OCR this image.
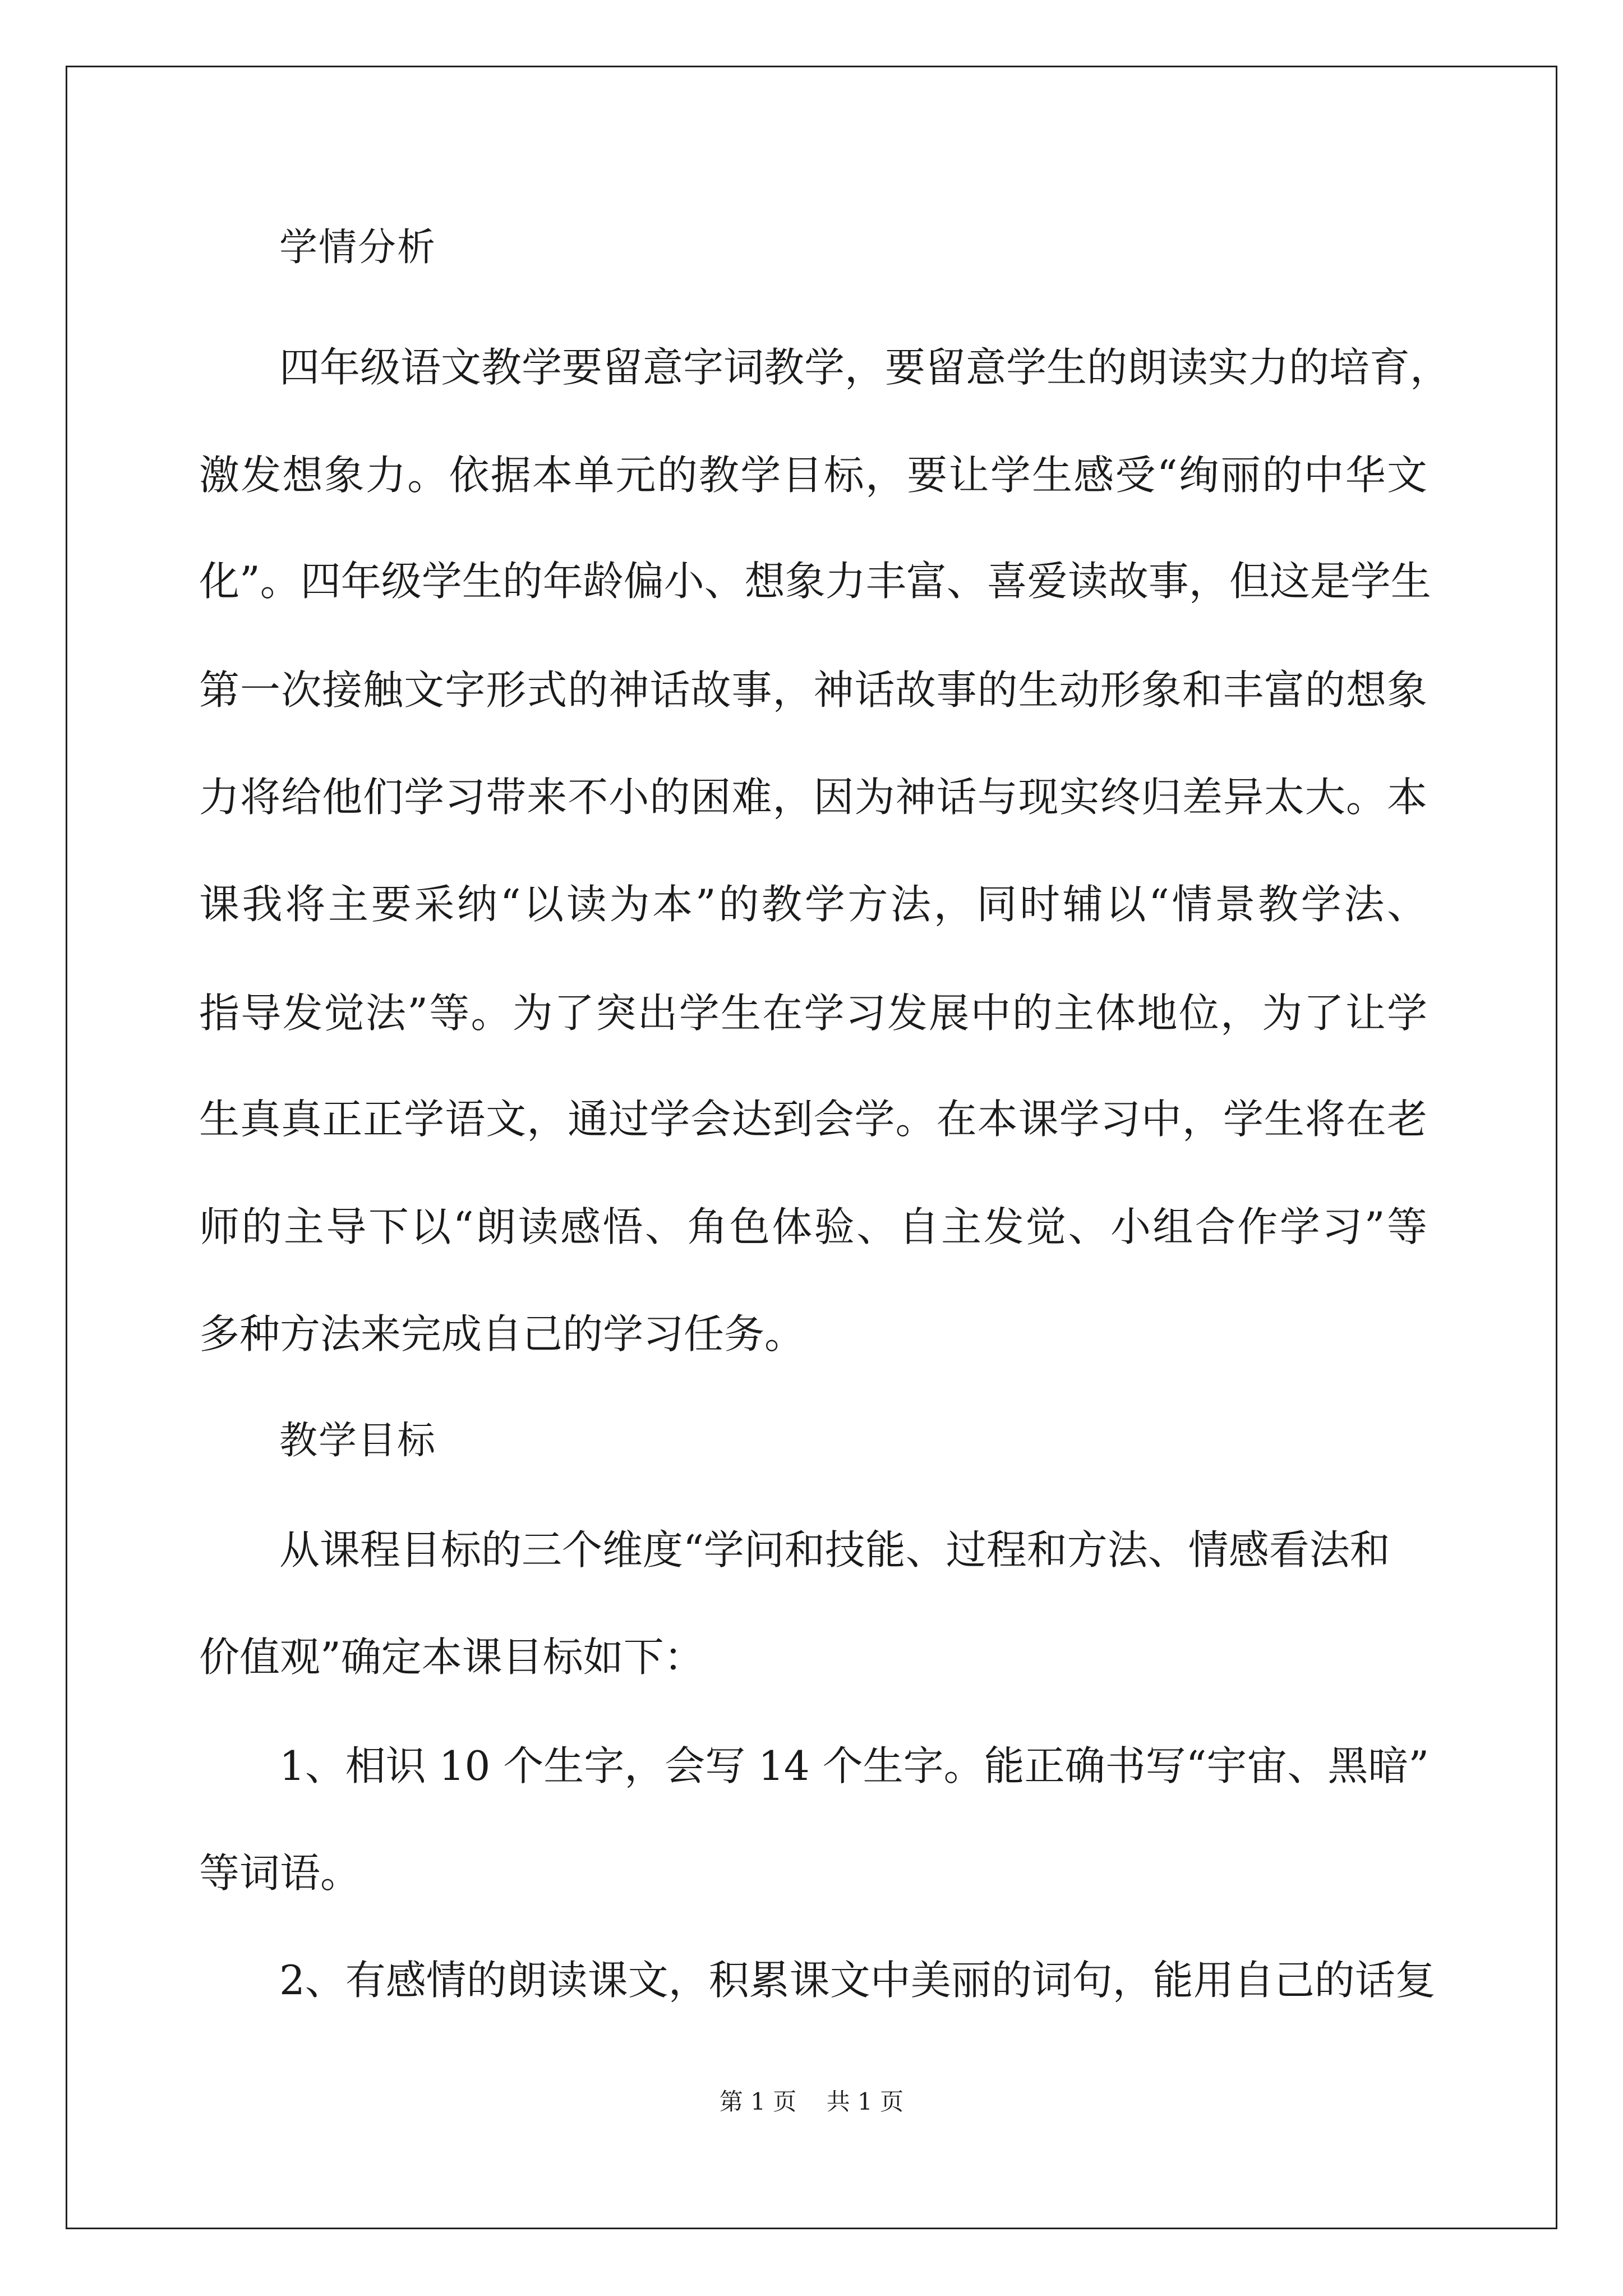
学情分析
四年级语文教学要留意字词教学，要留意学生的朗读实力的培育，
激发想象力。依据本单元的教学目标，要让学生感受“绚丽的中华文
化”。四年级学生的年龄偏小、想象力丰富、喜爱读故事，但这是学生
第一次接触文字形式的神话故事，神话故事的生动形象和丰富的想象
力将给他们学习带来不小的困难，因为神话与现实终归差异太大。本
课我将主要采纳“以读为本”的教学方法，同时辅以“情景教学法、
指导发觉法”等。为了突出学生在学习发展中的主体地位，为了让学
生真真正正学语文，通过学会达到会学。在本课学习中，学生将在老
师的主导下以“朗读感悟、角色体验、自主发觉、小组合作学习”等
多种方法来完成自己的学习任务。
教学目标
从课程目标的三个维度“学问和技能、过程和方法、情感看法和
价值观”确定本课目标如下：
1、相识 10 个生字，会写 14 个生字。能正确书写“宇宙、黑暗”
等词语。
2、有感情的朗读课文，积累课文中美丽的词句，能用自己的话复
第 1 页    共 1 页
